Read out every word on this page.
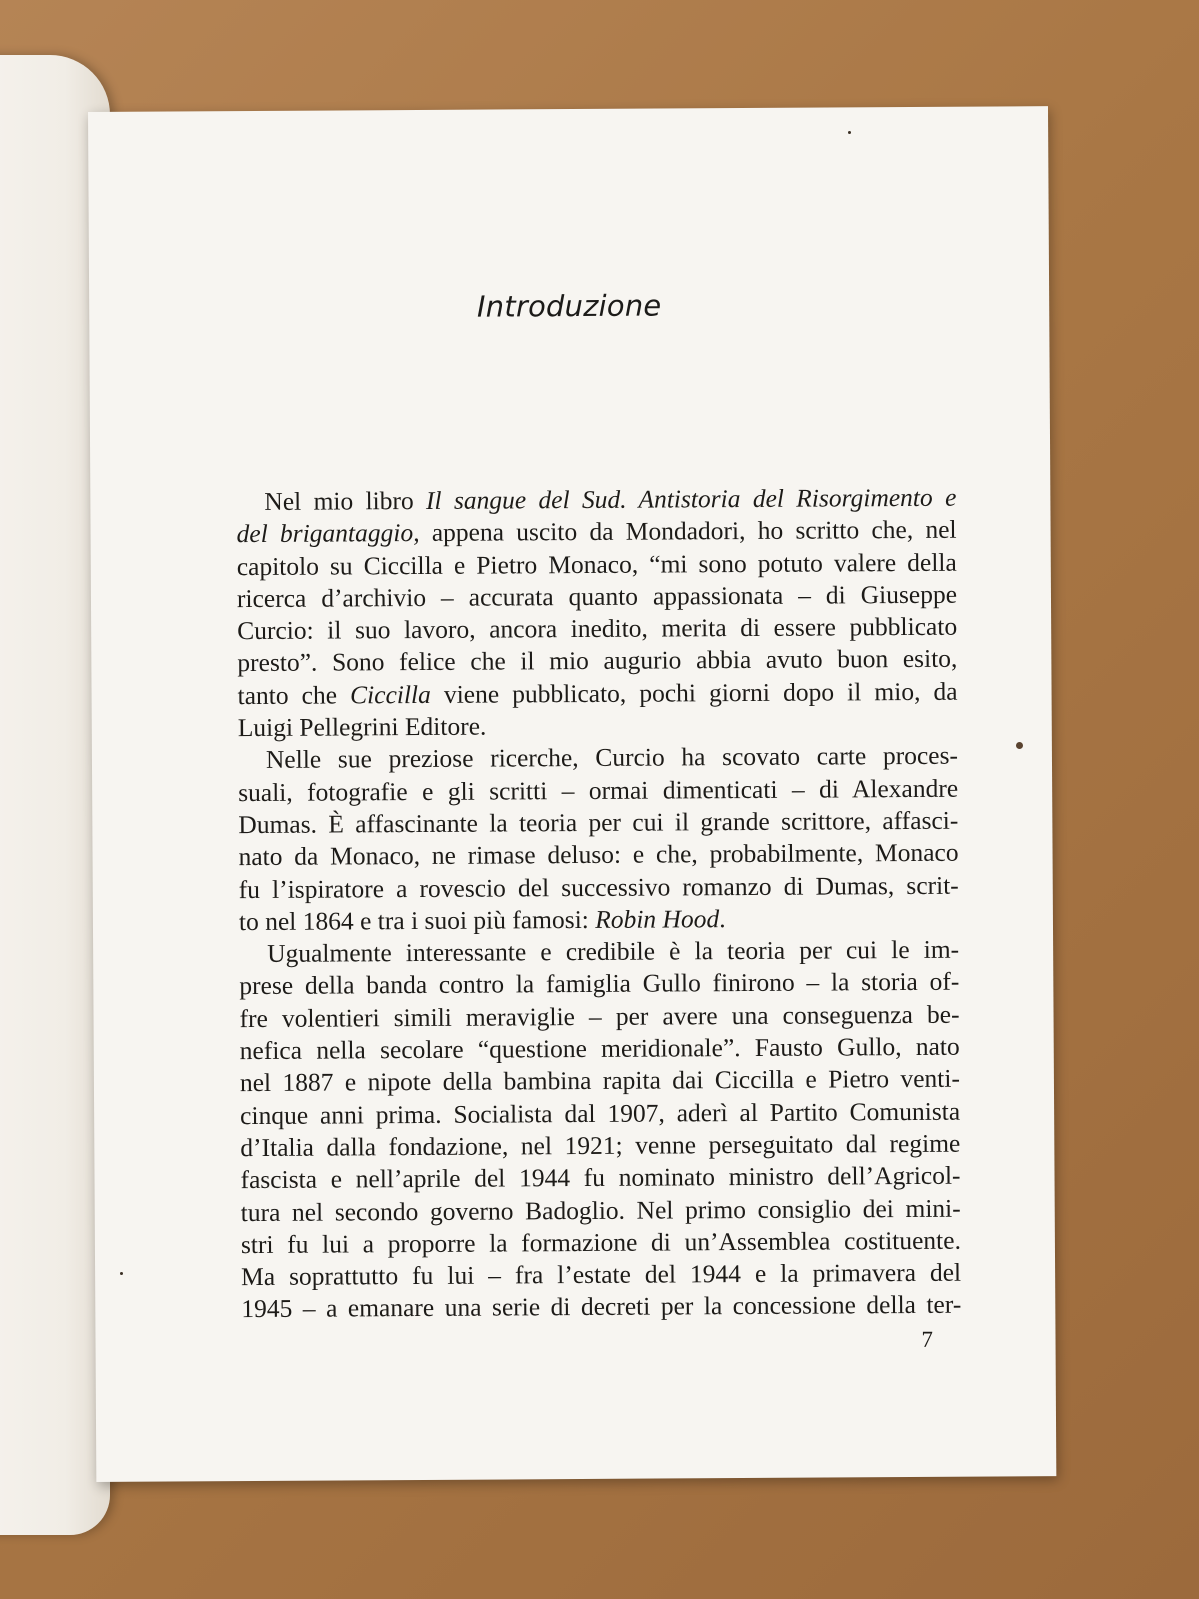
Introduzione
Nel mio libro Il sangue del Sud. Antistoria del Risorgimento e
del brigantaggio, appena uscito da Mondadori, ho scritto che, nel
capitolo su Ciccilla e Pietro Monaco, “mi sono potuto valere della
ricerca d’archivio – accurata quanto appassionata – di Giuseppe
Curcio: il suo lavoro, ancora inedito, merita di essere pubblicato
presto”. Sono felice che il mio augurio abbia avuto buon esito,
tanto che Ciccilla viene pubblicato, pochi giorni dopo il mio, da
Luigi Pellegrini Editore.
Nelle sue preziose ricerche, Curcio ha scovato carte proces-
suali, fotografie e gli scritti – ormai dimenticati – di Alexandre
Dumas. È affascinante la teoria per cui il grande scrittore, affasci-
nato da Monaco, ne rimase deluso: e che, probabilmente, Monaco
fu l’ispiratore a rovescio del successivo romanzo di Dumas, scrit-
to nel 1864 e tra i suoi più famosi: Robin Hood.
Ugualmente interessante e credibile è la teoria per cui le im-
prese della banda contro la famiglia Gullo finirono – la storia of-
fre volentieri simili meraviglie – per avere una conseguenza be-
nefica nella secolare “questione meridionale”. Fausto Gullo, nato
nel 1887 e nipote della bambina rapita dai Ciccilla e Pietro venti-
cinque anni prima. Socialista dal 1907, aderì al Partito Comunista
d’Italia dalla fondazione, nel 1921; venne perseguitato dal regime
fascista e nell’aprile del 1944 fu nominato ministro dell’Agricol-
tura nel secondo governo Badoglio. Nel primo consiglio dei mini-
stri fu lui a proporre la formazione di un’Assemblea costituente.
Ma soprattutto fu lui – fra l’estate del 1944 e la primavera del
1945 – a emanare una serie di decreti per la concessione della ter-
7
